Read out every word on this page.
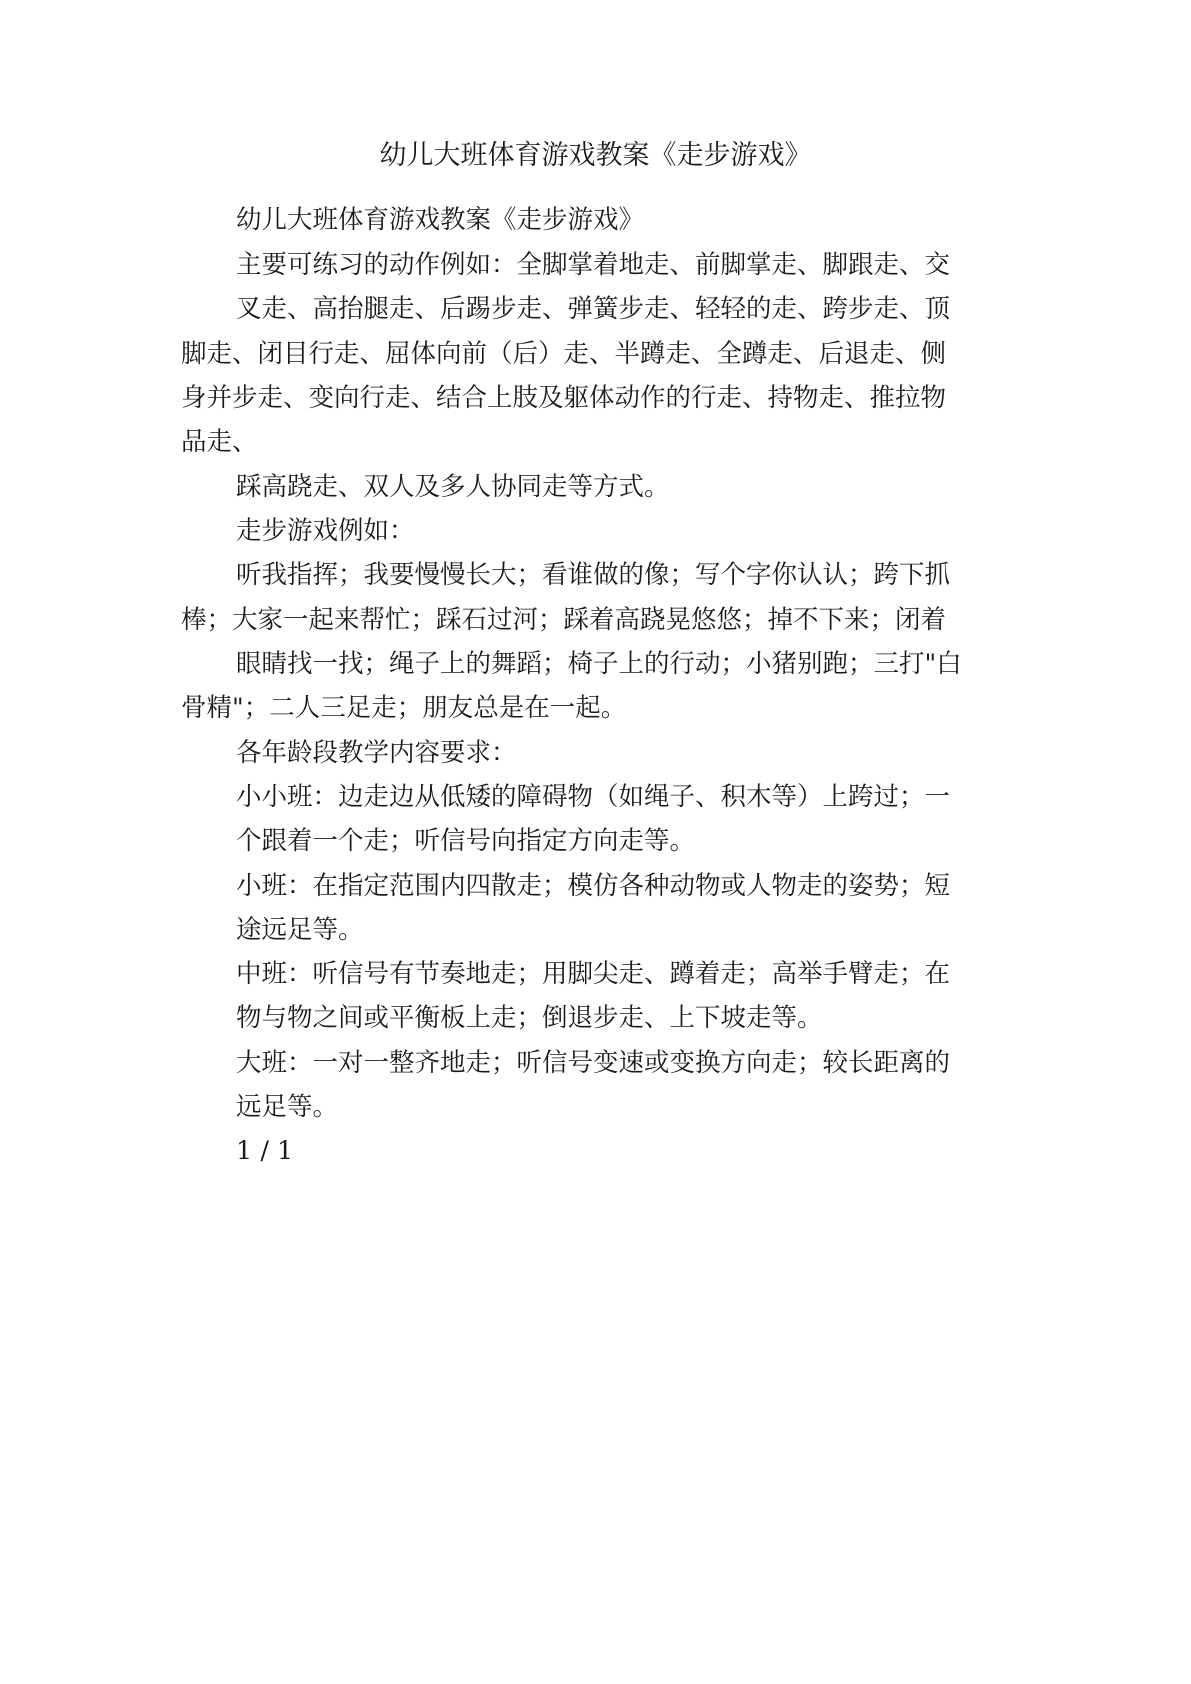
幼儿大班体育游戏教案《走步游戏》
幼儿大班体育游戏教案《走步游戏》
主要可练习的动作例如：全脚掌着地走、前脚掌走、脚跟走、交
叉走、高抬腿走、后踢步走、弹簧步走、轻轻的走、跨步走、顶
脚走、闭目行走、屈体向前（后）走、半蹲走、全蹲走、后退走、侧
身并步走、变向行走、结合上肢及躯体动作的行走、持物走、推拉物
品走、
踩高跷走、双人及多人协同走等方式。
走步游戏例如：
听我指挥；我要慢慢长大；看谁做的像；写个字你认认；跨下抓
棒；大家一起来帮忙；踩石过河；踩着高跷晃悠悠；掉不下来；闭着
眼睛找一找；绳子上的舞蹈；椅子上的行动；小猪别跑；三打"白
骨精"；二人三足走；朋友总是在一起。
各年龄段教学内容要求：
小小班：边走边从低矮的障碍物（如绳子、积木等）上跨过；一
个跟着一个走；听信号向指定方向走等。
小班：在指定范围内四散走；模仿各种动物或人物走的姿势；短
途远足等。
中班：听信号有节奏地走；用脚尖走、蹲着走；高举手臂走；在
物与物之间或平衡板上走；倒退步走、上下坡走等。
大班：一对一整齐地走；听信号变速或变换方向走；较长距离的
远足等。
1 / 1
